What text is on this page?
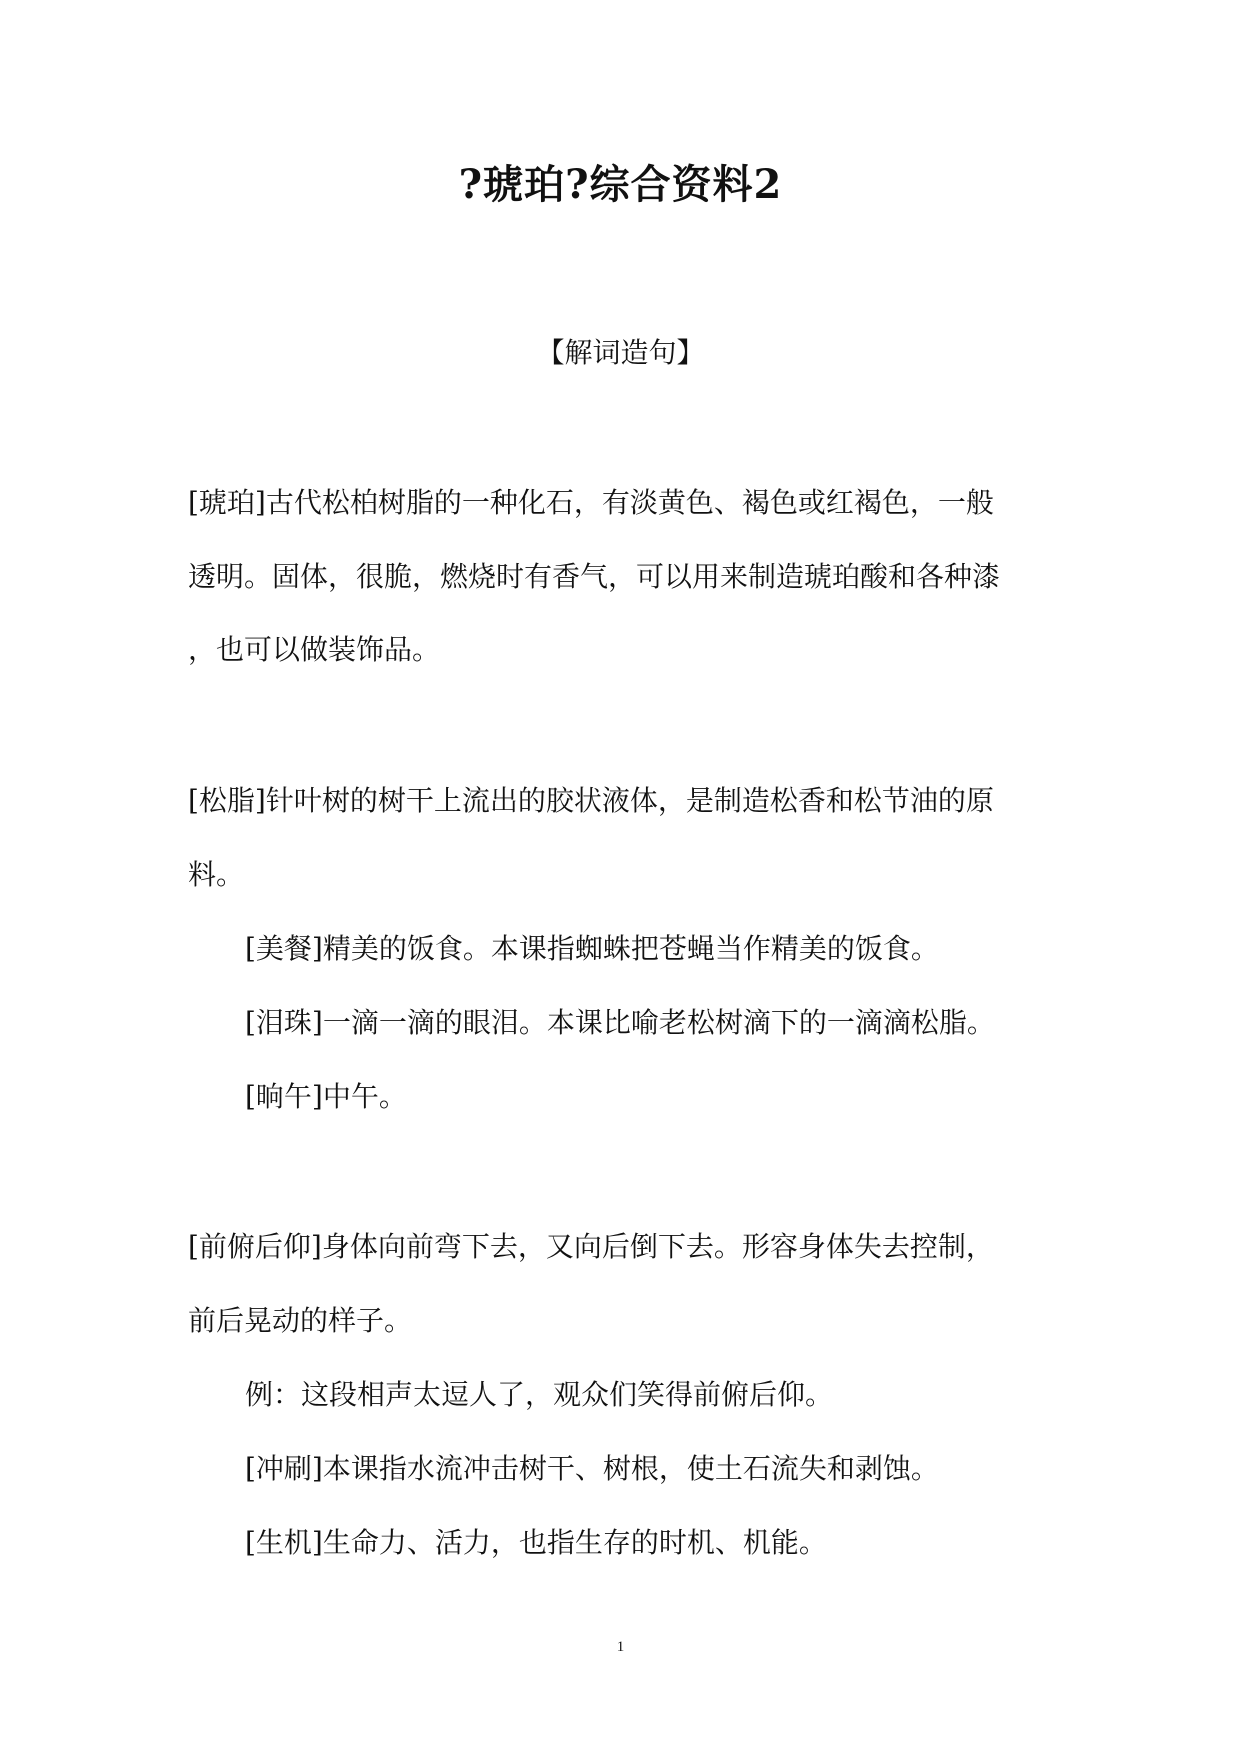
?琥珀?综合资料2
【解词造句】
[琥珀]古代松柏树脂的一种化石，有淡黄色、褐色或红褐色，一般
透明。固体，很脆，燃烧时有香气，可以用来制造琥珀酸和各种漆
，也可以做装饰品。
[松脂]针叶树的树干上流出的胶状液体，是制造松香和松节油的原
料。
[美餐]精美的饭食。本课指蜘蛛把苍蝇当作精美的饭食。
[泪珠]一滴一滴的眼泪。本课比喻老松树滴下的一滴滴松脂。
[晌午]中午。
[前俯后仰]身体向前弯下去，又向后倒下去。形容身体失去控制，
前后晃动的样子。
例：这段相声太逗人了，观众们笑得前俯后仰。
[冲刷]本课指水流冲击树干、树根，使土石流失和剥蚀。
[生机]生命力、活力，也指生存的时机、机能。
1
